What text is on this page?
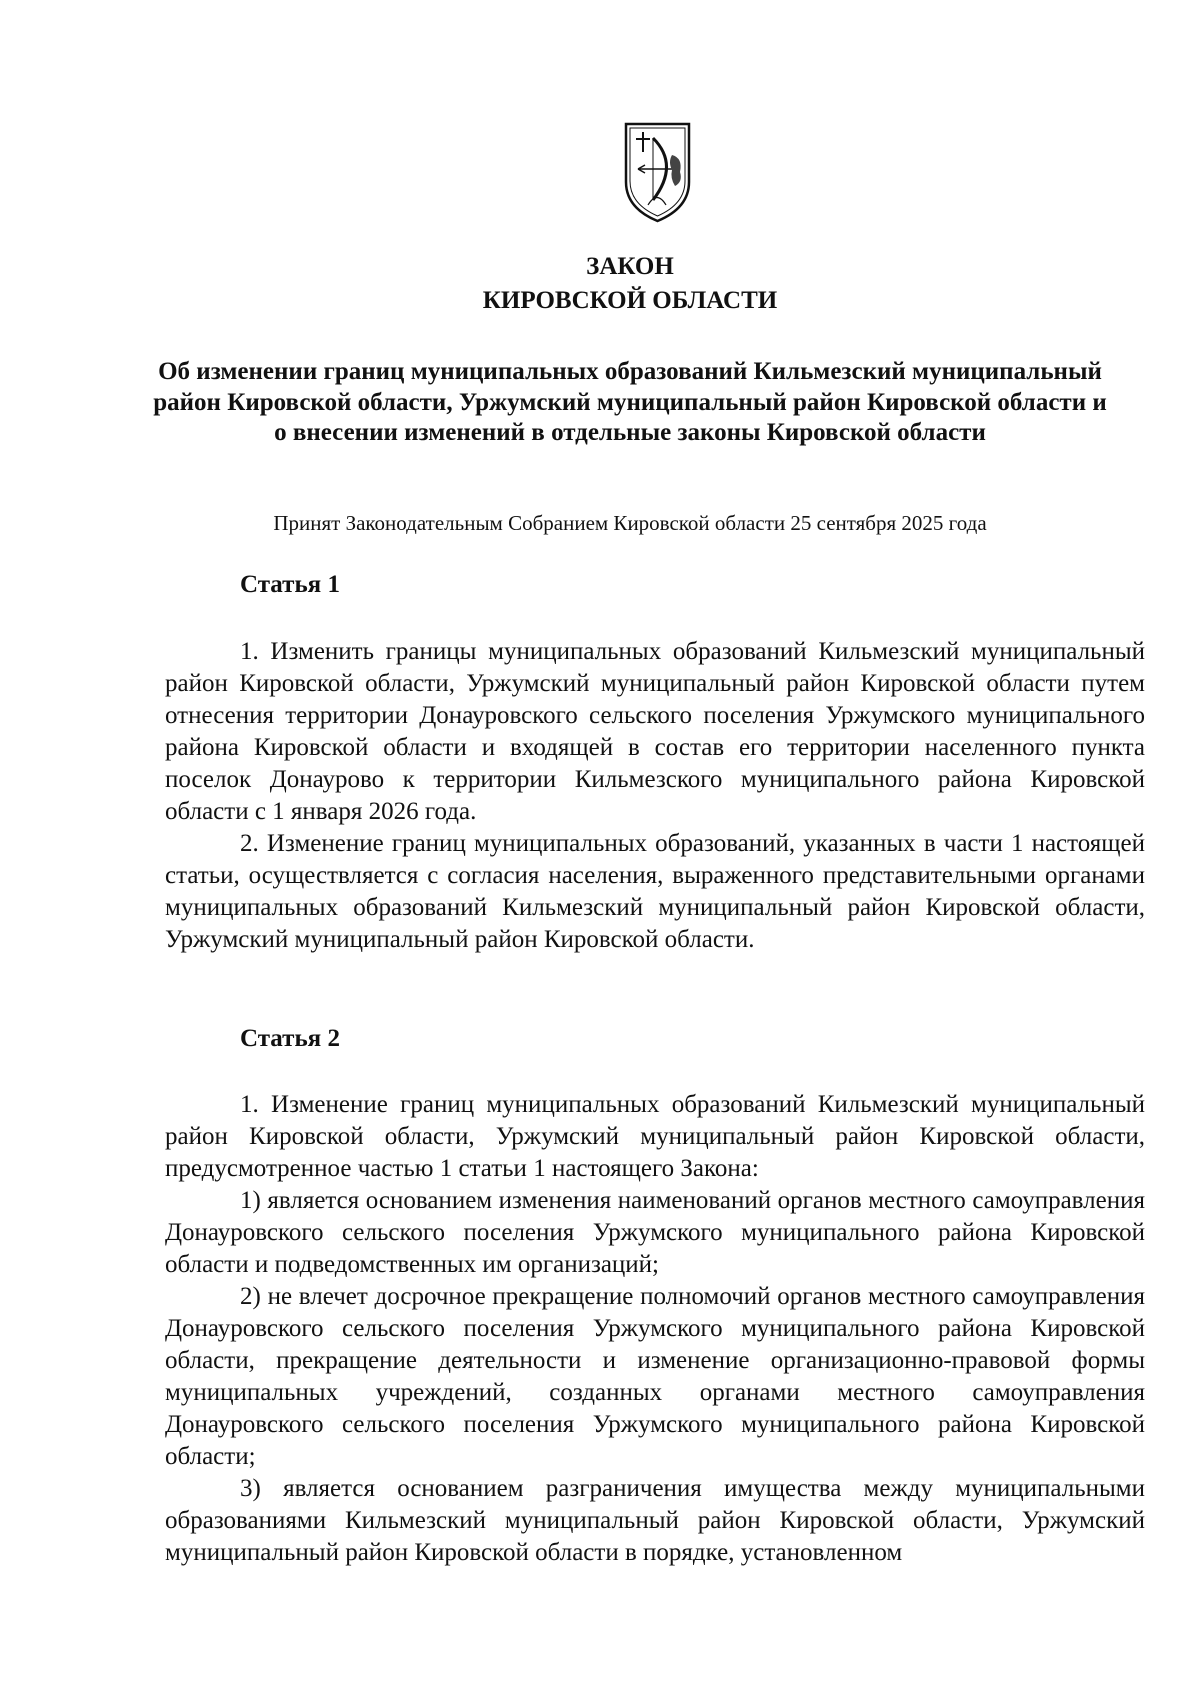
ЗАКОН
КИРОВСКОЙ ОБЛАСТИ
Об изменении границ муниципальных образований Кильмезский муниципальный район Кировской области, Уржумский муниципальный район Кировской области и о внесении изменений в отдельные законы Кировской области
Принят Законодательным Собранием Кировской области 25 сентября 2025 года
Статья 1

1. Изменить границы муниципальных образований Кильмезский муниципальный район Кировской области, Уржумский муниципальный район Кировской области путем отнесения территории Донауровского сельского поселения Уржумского муниципального района Кировской области и входящей в состав его территории населенного пункта поселок Донаурово к территории Кильмезского муниципального района Кировской области с 1 января 2026 года.

2. Изменение границ муниципальных образований, указанных в части 1 настоящей статьи, осуществляется с согласия населения, выраженного представительными органами муниципальных образований Кильмезский муниципальный район Кировской области, Уржумский муниципальный район Кировской области.

Статья 2

1. Изменение границ муниципальных образований Кильмезский муниципальный район Кировской области, Уржумский муниципальный район Кировской области, предусмотренное частью 1 статьи 1 настоящего Закона:

1) является основанием изменения наименований органов местного самоуправления Донауровского сельского поселения Уржумского муниципального района Кировской области и подведомственных им организаций;

2) не влечет досрочное прекращение полномочий органов местного самоуправления Донауровского сельского поселения Уржумского муниципального района Кировской области, прекращение деятельности и изменение организационно-правовой формы муниципальных учреждений, созданных органами местного самоуправления Донауровского сельского поселения Уржумского муниципального района Кировской области;

3) является основанием разграничения имущества между муниципальными образованиями Кильмезский муниципальный район Кировской области, Уржумский муниципальный район Кировской области в порядке, установленном
